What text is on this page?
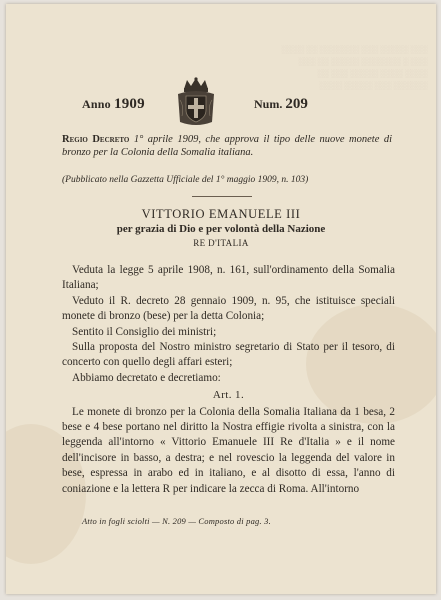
░░░ ░░░░░ ░░░ ░░░░░░░ ░░ ░░░░
░░░ ░ ░░░░░░░ ░░░░░ ░░ ░░░
░░░░ ░░░░ ░░░░░ ░░░ ░░
░░░░░░ ░░░ ░░░░░ ░░░░
Anno 1909	Num. 209
Regio Decreto 1° aprile 1909, che approva il tipo delle nuove monete di bronzo per la Colonia della Somalia italiana.
(Pubblicato nella Gazzetta Ufficiale del 1° maggio 1909, n. 103)
VITTORIO EMANUELE III
per grazia di Dio e per volontà della Nazione
RE D'ITALIA

Veduta la legge 5 aprile 1908, n. 161, sull'ordinamento della Somalia Italiana;

Veduto il R. decreto 28 gennaio 1909, n. 95, che istituisce speciali monete di bronzo (bese) per la detta Colonia;

Sentito il Consiglio dei ministri;

Sulla proposta del Nostro ministro segretario di Stato per il tesoro, di concerto con quello degli affari esteri;

Abbiamo decretato e decretiamo:

Art. 1.

Le monete di bronzo per la Colonia della Somalia Italiana da 1 besa, 2 bese e 4 bese portano nel diritto la Nostra effigie rivolta a sinistra, con la leggenda all'intorno « Vittorio Emanuele III Re d'Italia » e il nome dell'incisore in basso, a destra; e nel rovescio la leggenda del valore in bese, espressa in arabo ed in italiano, e al disotto di essa, l'anno di coniazione e la lettera R per indicare la zecca di Roma. All'intorno

Atto in fogli sciolti — N. 209 — Composto di pag. 3.
